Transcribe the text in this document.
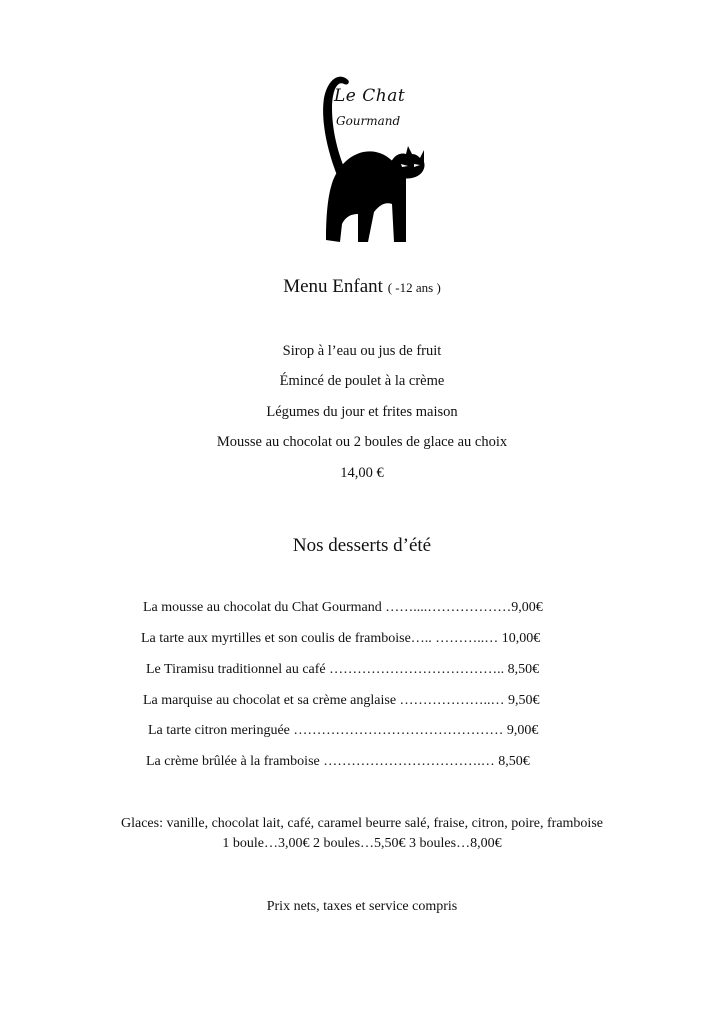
Le Chat
Gourmand
Menu Enfant ( -12 ans )
Sirop à l’eau ou jus de fruit
Émincé de poulet à la crème
Légumes du jour et frites maison
Mousse au chocolat ou 2 boules de glace au choix
14,00 €
Nos desserts d’été
La mousse au chocolat du Chat Gourmand ……....………………9,00€
La tarte aux myrtilles et son coulis de framboise….. ………..… 10,00€
Le Tiramisu traditionnel au café ……………………………….. 8,50€
La marquise au chocolat et sa crème anglaise ………………..… 9,50€
La tarte citron meringuée ……………………………………… 9,00€
La crème brûlée à la framboise …………………………….… 8,50€
Glaces: vanille, chocolat lait, café, caramel beurre salé, fraise, citron, poire, framboise
1 boule…3,00€ 2 boules…5,50€ 3 boules…8,00€
Prix nets, taxes et service compris
